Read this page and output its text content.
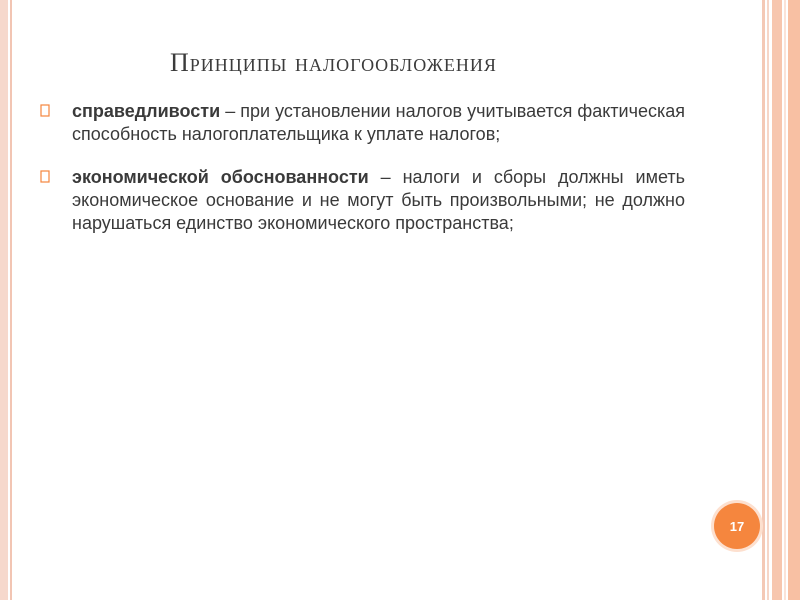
Принципы налогообложения
справедливости – при установлении налогов учитывается фактическая способность налогоплательщика к уплате налогов;
экономической обоснованности – налоги и сборы должны иметь экономическое основание и не могут быть произвольными; не должно нарушаться единство экономического пространства;
17
